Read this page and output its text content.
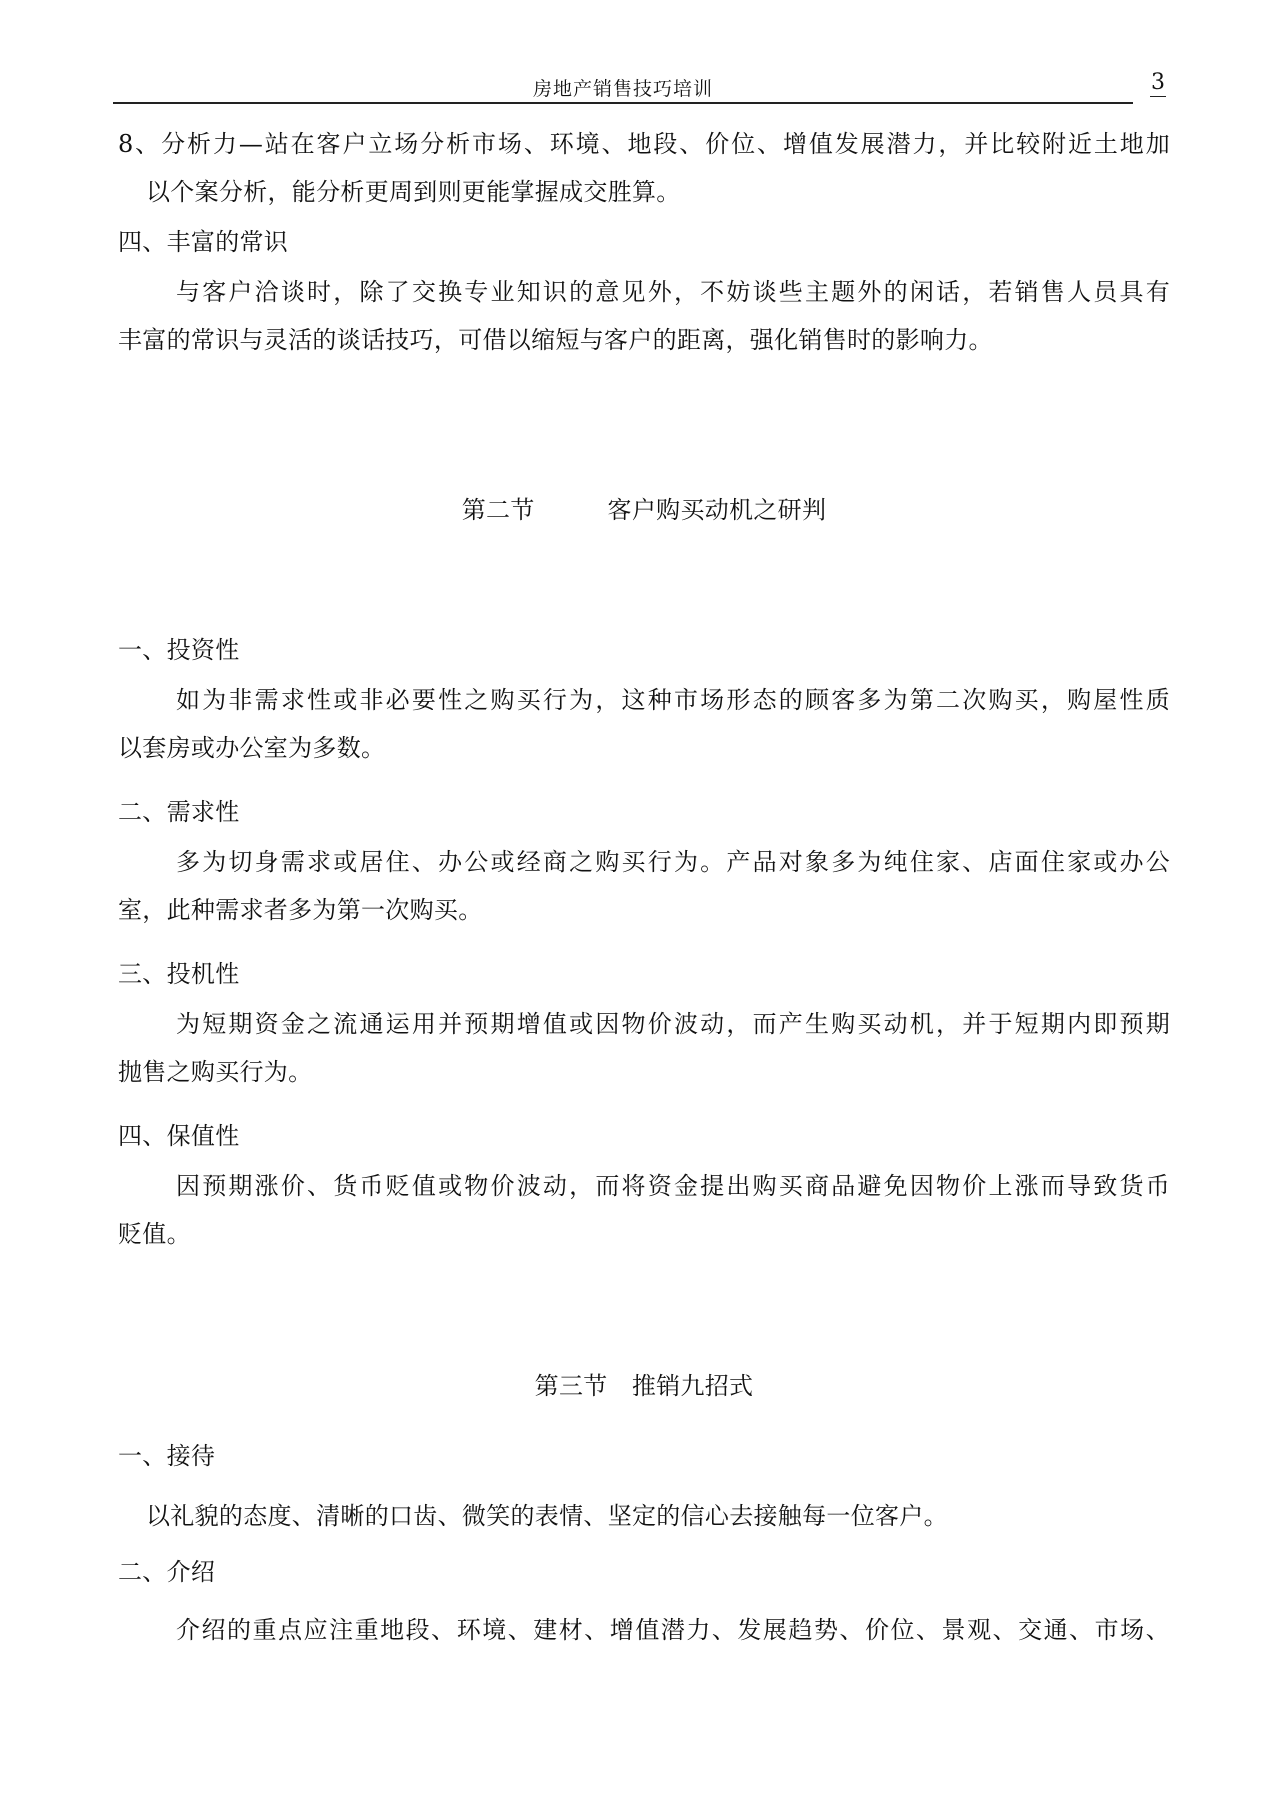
房地产销售技巧培训	3
8、分析力—站在客户立场分析市场、环境、地段、价位、增值发展潜力，并比较附近土地加
以个案分析，能分析更周到则更能掌握成交胜算。
四、丰富的常识
与客户洽谈时，除了交换专业知识的意见外，不妨谈些主题外的闲话，若销售人员具有
丰富的常识与灵活的谈话技巧，可借以缩短与客户的距离，强化销售时的影响力。
第二节　　　客户购买动机之研判
一、投资性
如为非需求性或非必要性之购买行为，这种市场形态的顾客多为第二次购买，购屋性质
以套房或办公室为多数。
二、需求性
多为切身需求或居住、办公或经商之购买行为。产品对象多为纯住家、店面住家或办公
室，此种需求者多为第一次购买。
三、投机性
为短期资金之流通运用并预期增值或因物价波动，而产生购买动机，并于短期内即预期
抛售之购买行为。
四、保值性
因预期涨价、货币贬值或物价波动，而将资金提出购买商品避免因物价上涨而导致货币
贬值。
第三节　推销九招式
一、接待
以礼貌的态度、清晰的口齿、微笑的表情、坚定的信心去接触每一位客户。
二、介绍
介绍的重点应注重地段、环境、建材、增值潜力、发展趋势、价位、景观、交通、市场、
